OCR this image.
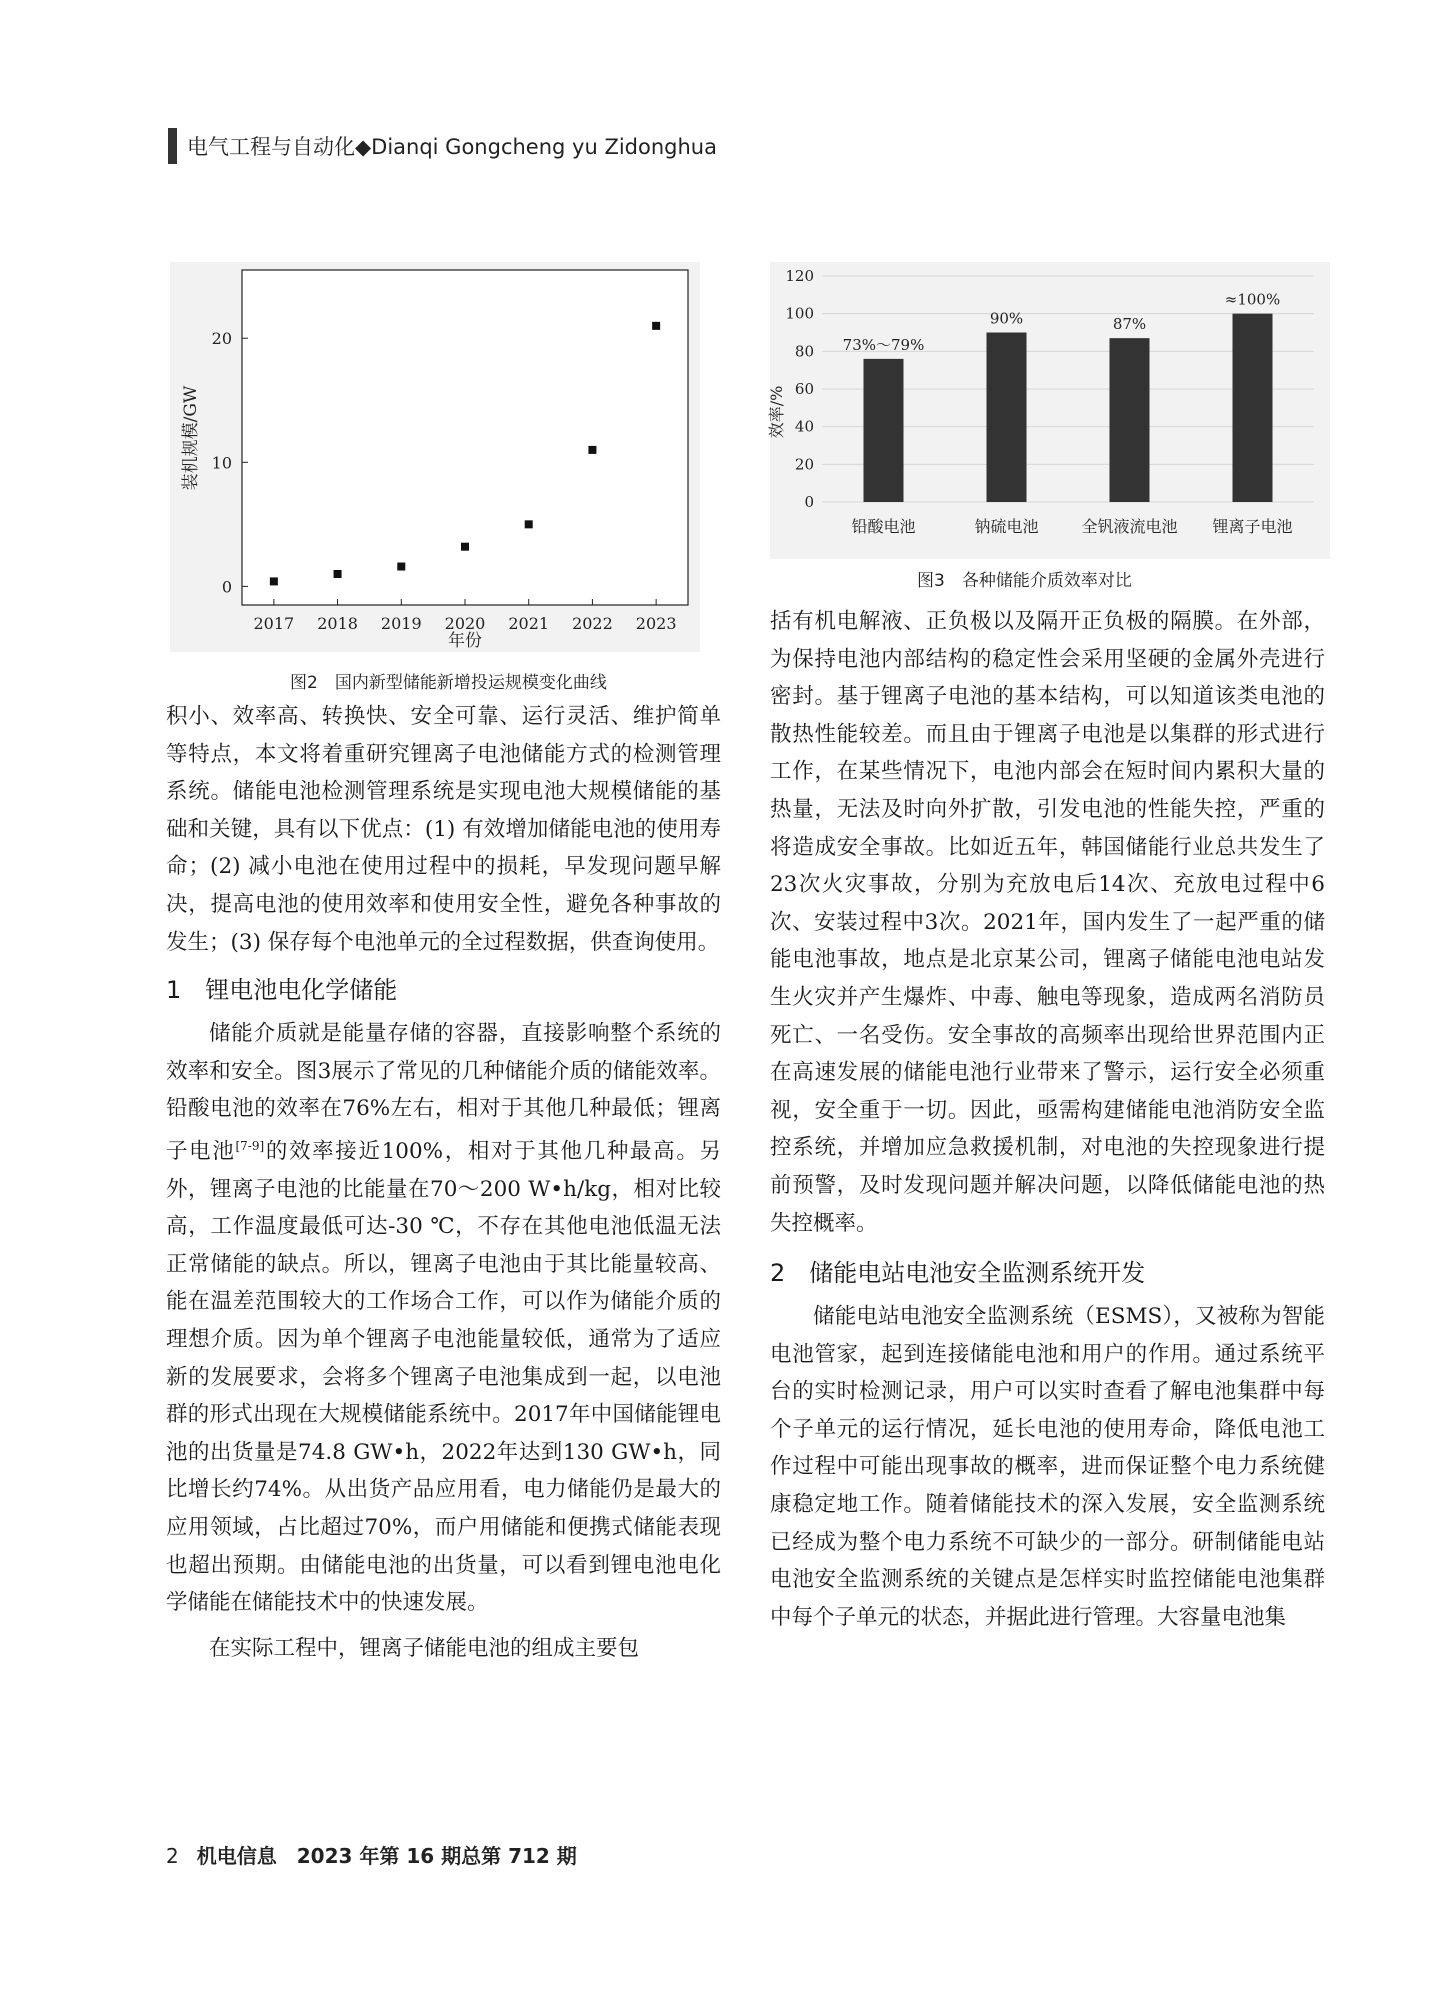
电气工程与自动化◆Dianqi Gongcheng yu Zidonghua
2017 2018 2019 2020 2021 2022 2023
0
10
20
年份
装机规模/GW
图2　国内新型储能新增投运规模变化曲线
0
20
40
60
80
100
120
73%～79%
铅酸电池
90%
钠硫电池
87%
全钒液流电池
≈100%
锂离子电池
效率/%
图3　各种储能介质效率对比

积小、效率高、转换快、安全可靠、运行灵活、维护简单等特点，本文将着重研究锂离子电池储能方式的检测管理系统。储能电池检测管理系统是实现电池大规模储能的基础和关键，具有以下优点：(1) 有效增加储能电池的使用寿命；(2) 减小电池在使用过程中的损耗，早发现问题早解决，提高电池的使用效率和使用安全性，避免各种事故的发生；(3) 保存每个电池单元的全过程数据，供查询使用。

1　锂电池电化学储能

储能介质就是能量存储的容器，直接影响整个系统的效率和安全。图3展示了常见的几种储能介质的储能效率。铅酸电池的效率在76%左右，相对于其他几种最低；锂离子电池[7-9]的效率接近100%，相对于其他几种最高。另外，锂离子电池的比能量在70～200 W•h/kg，相对比较高，工作温度最低可达-30 ℃，不存在其他电池低温无法正常储能的缺点。所以，锂离子电池由于其比能量较高、能在温差范围较大的工作场合工作，可以作为储能介质的理想介质。因为单个锂离子电池能量较低，通常为了适应新的发展要求，会将多个锂离子电池集成到一起，以电池群的形式出现在大规模储能系统中。2017年中国储能锂电池的出货量是74.8 GW•h，2022年达到130 GW•h，同比增长约74%。从出货产品应用看，电力储能仍是最大的应用领域，占比超过70%，而户用储能和便携式储能表现也超出预期。由储能电池的出货量，可以看到锂电池电化学储能在储能技术中的快速发展。

在实际工程中，锂离子储能电池的组成主要包

括有机电解液、正负极以及隔开正负极的隔膜。在外部，为保持电池内部结构的稳定性会采用坚硬的金属外壳进行密封。基于锂离子电池的基本结构，可以知道该类电池的散热性能较差。而且由于锂离子电池是以集群的形式进行工作，在某些情况下，电池内部会在短时间内累积大量的热量，无法及时向外扩散，引发电池的性能失控，严重的将造成安全事故。比如近五年，韩国储能行业总共发生了23次火灾事故，分别为充放电后14次、充放电过程中6次、安装过程中3次。2021年，国内发生了一起严重的储能电池事故，地点是北京某公司，锂离子储能电池电站发生火灾并产生爆炸、中毒、触电等现象，造成两名消防员死亡、一名受伤。安全事故的高频率出现给世界范围内正在高速发展的储能电池行业带来了警示，运行安全必须重视，安全重于一切。因此，亟需构建储能电池消防安全监控系统，并增加应急救援机制，对电池的失控现象进行提前预警，及时发现问题并解决问题，以降低储能电池的热失控概率。

2　储能电站电池安全监测系统开发

储能电站电池安全监测系统（ESMS），又被称为智能电池管家，起到连接储能电池和用户的作用。通过系统平台的实时检测记录，用户可以实时查看了解电池集群中每个子单元的运行情况，延长电池的使用寿命，降低电池工作过程中可能出现事故的概率，进而保证整个电力系统健康稳定地工作。随着储能技术的深入发展，安全监测系统已经成为整个电力系统不可缺少的一部分。研制储能电站电池安全监测系统的关键点是怎样实时监控储能电池集群中每个子单元的状态，并据此进行管理。大容量电池集

2 机电信息　2023 年第 16 期总第 712 期
